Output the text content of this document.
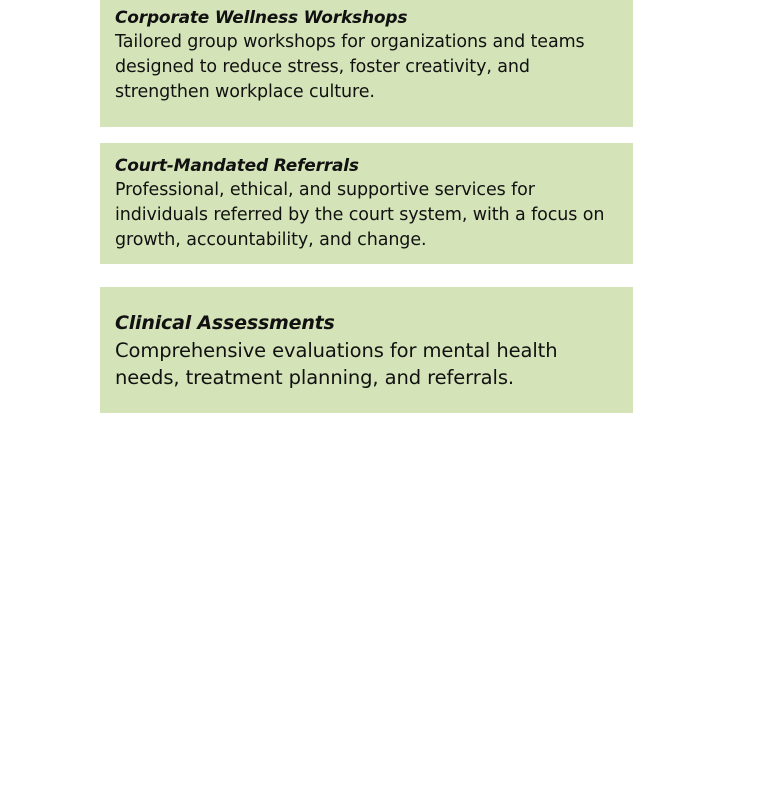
Corporate Wellness Workshops

Tailored group workshops for organizations and teams designed to reduce stress, foster creativity, and strengthen workplace culture.

Court-Mandated Referrals

Professional, ethical, and supportive services for individuals referred by the court system, with a focus on growth, accountability, and change.

Clinical Assessments

Comprehensive evaluations for mental health needs, treatment planning, and referrals.
